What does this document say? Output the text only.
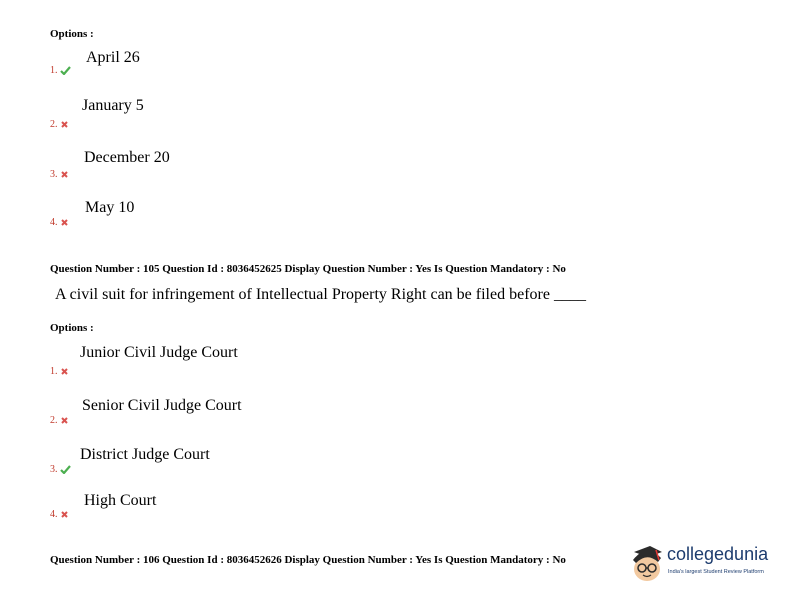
Options :
1.
April 26
2.
January 5
3.
December 20
4.
May 10
Question Number : 105 Question Id : 8036452625 Display Question Number : Yes Is Question Mandatory : No
A civil suit for infringement of Intellectual Property Right can be filed before ____
Options :
1.
Junior Civil Judge Court
2.
Senior Civil Judge Court
3.
District Judge Court
4.
High Court
Question Number : 106 Question Id : 8036452626 Display Question Number : Yes Is Question Mandatory : No	collegedunia
India's largest Student Review Platform
